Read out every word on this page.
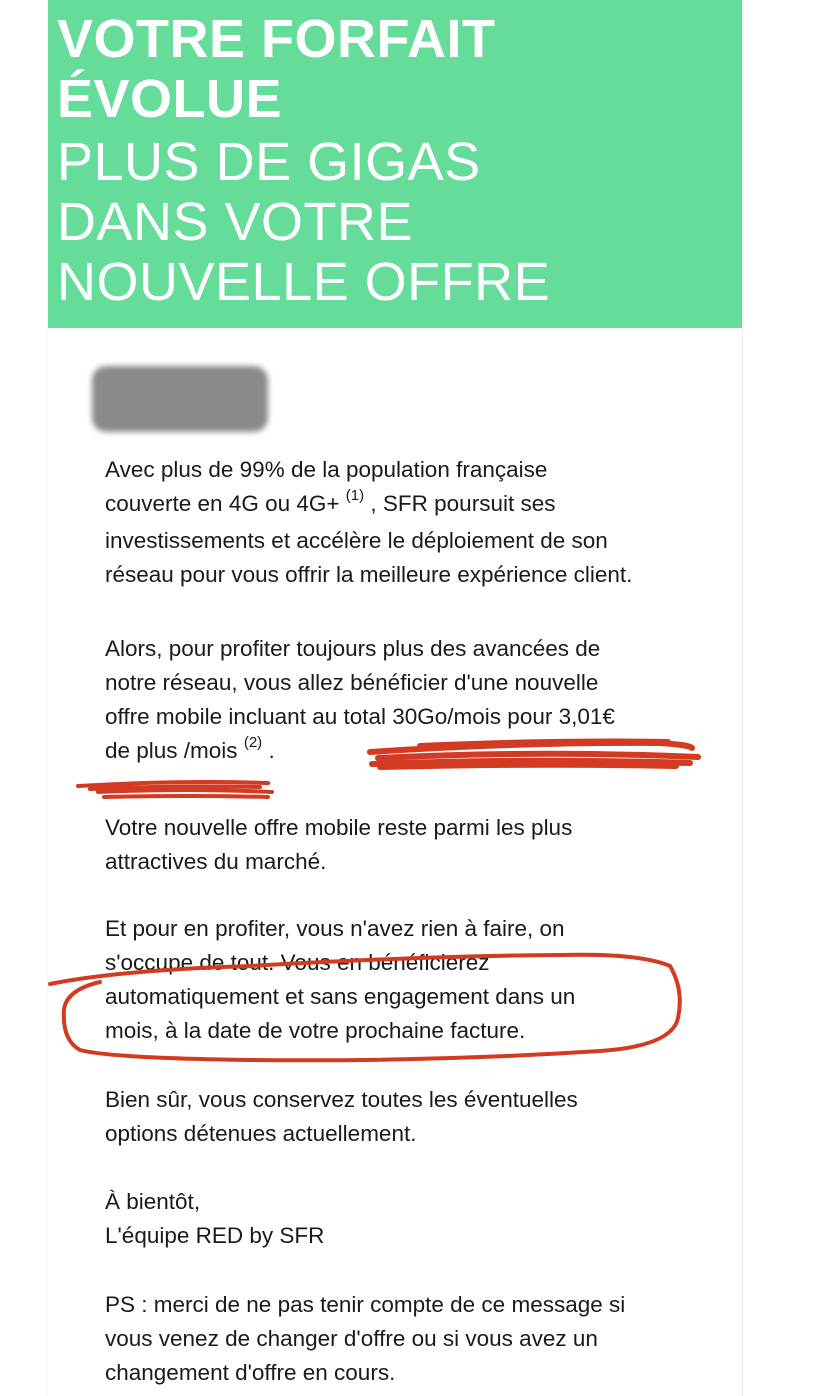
VOTRE FORFAIT
ÉVOLUE
PLUS DE GIGAS
DANS VOTRE
NOUVELLE OFFRE
Avec plus de 99% de la population française
couverte en 4G ou 4G+ $^{(1)}$ , SFR poursuit ses
investissements et accélère le déploiement de son
réseau pour vous offrir la meilleure expérience client.
Alors, pour profiter toujours plus des avancées de
notre réseau, vous allez bénéficier d'une nouvelle
offre mobile incluant au total 30Go/mois pour 3,01€
de plus /mois $^{(2)}$ .
Votre nouvelle offre mobile reste parmi les plus
attractives du marché.
Et pour en profiter, vous n'avez rien à faire, on
s'occupe de tout. Vous en bénéficierez
automatiquement et sans engagement dans un
mois, à la date de votre prochaine facture.
Bien sûr, vous conservez toutes les éventuelles
options détenues actuellement.
À bientôt,
L'équipe RED by SFR
PS : merci de ne pas tenir compte de ce message si
vous venez de changer d'offre ou si vous avez un
changement d'offre en cours.
